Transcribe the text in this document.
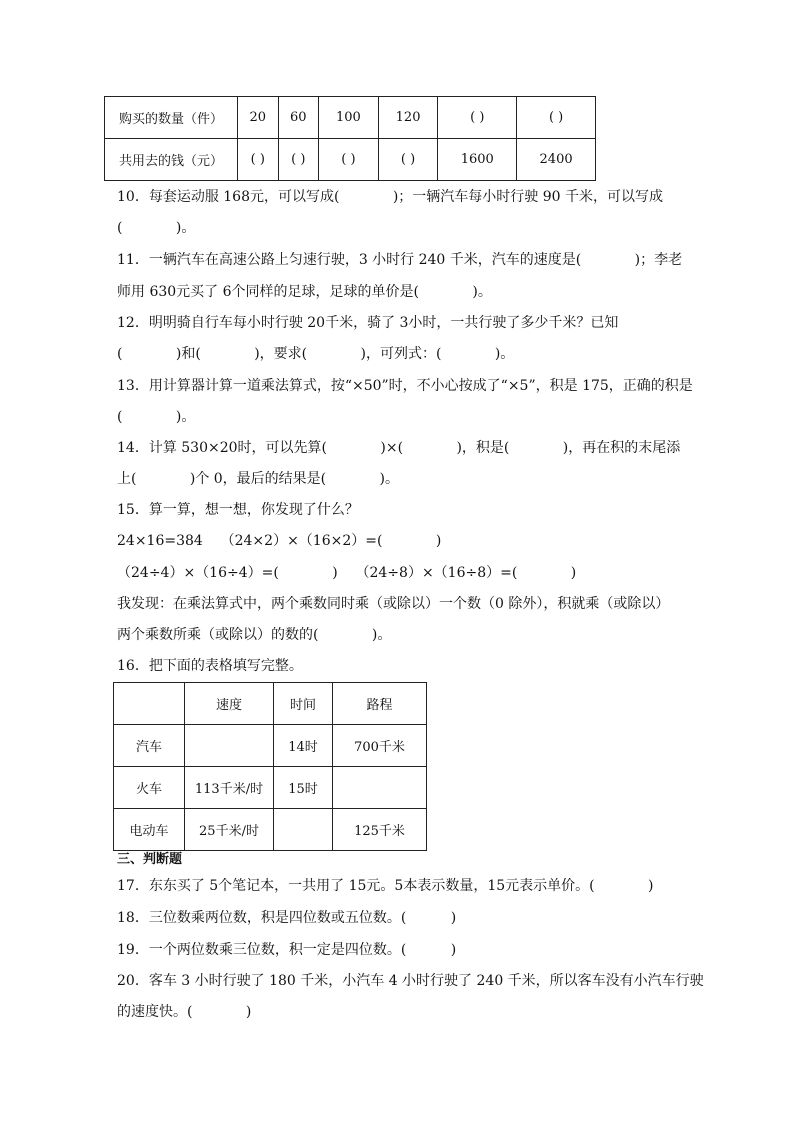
购买的数量（件）	20	60	100	120	( )	( )
共用去的钱（元）	( )	( )	( )	( )	1600	2400
10．每套运动服 168元，可以写成(            )；一辆汽车每小时行驶 90 千米，可以写成
(            )。
11．一辆汽车在高速公路上匀速行驶，3 小时行 240 千米，汽车的速度是(            )；李老
师用 630元买了 6个同样的足球，足球的单价是(            )。
12．明明骑自行车每小时行驶 20千米，骑了 3小时，一共行驶了多少千米？已知
(            )和(            )，要求(            )，可列式：(            )。
13．用计算器计算一道乘法算式，按“×50”时，不小心按成了“×5”，积是 175，正确的积是
(            )。
14．计算 530×20时，可以先算(            )×(            )，积是(            )，再在积的末尾添
上(            )个 0，最后的结果是(            )。
15．算一算，想一想，你发现了什么？
24×16=384    （24×2）×（16×2）=(            )
（24÷4）×（16÷4）=(            )    （24÷8）×（16÷8）=(            )
我发现：在乘法算式中，两个乘数同时乘（或除以）一个数（0 除外），积就乘（或除以）
两个乘数所乘（或除以）的数的(            )。
16．把下面的表格填写完整。
	速度	时间	路程
汽车		14时	700千米
火车	113千米/时	15时	
电动车	25千米/时		125千米
三、判断题
17．东东买了 5个笔记本，一共用了 15元。5本表示数量，15元表示单价。(            )
18．三位数乘两位数，积是四位数或五位数。(          )
19．一个两位数乘三位数，积一定是四位数。(          )
20．客车 3 小时行驶了 180 千米，小汽车 4 小时行驶了 240 千米，所以客车没有小汽车行驶
的速度快。(            )
